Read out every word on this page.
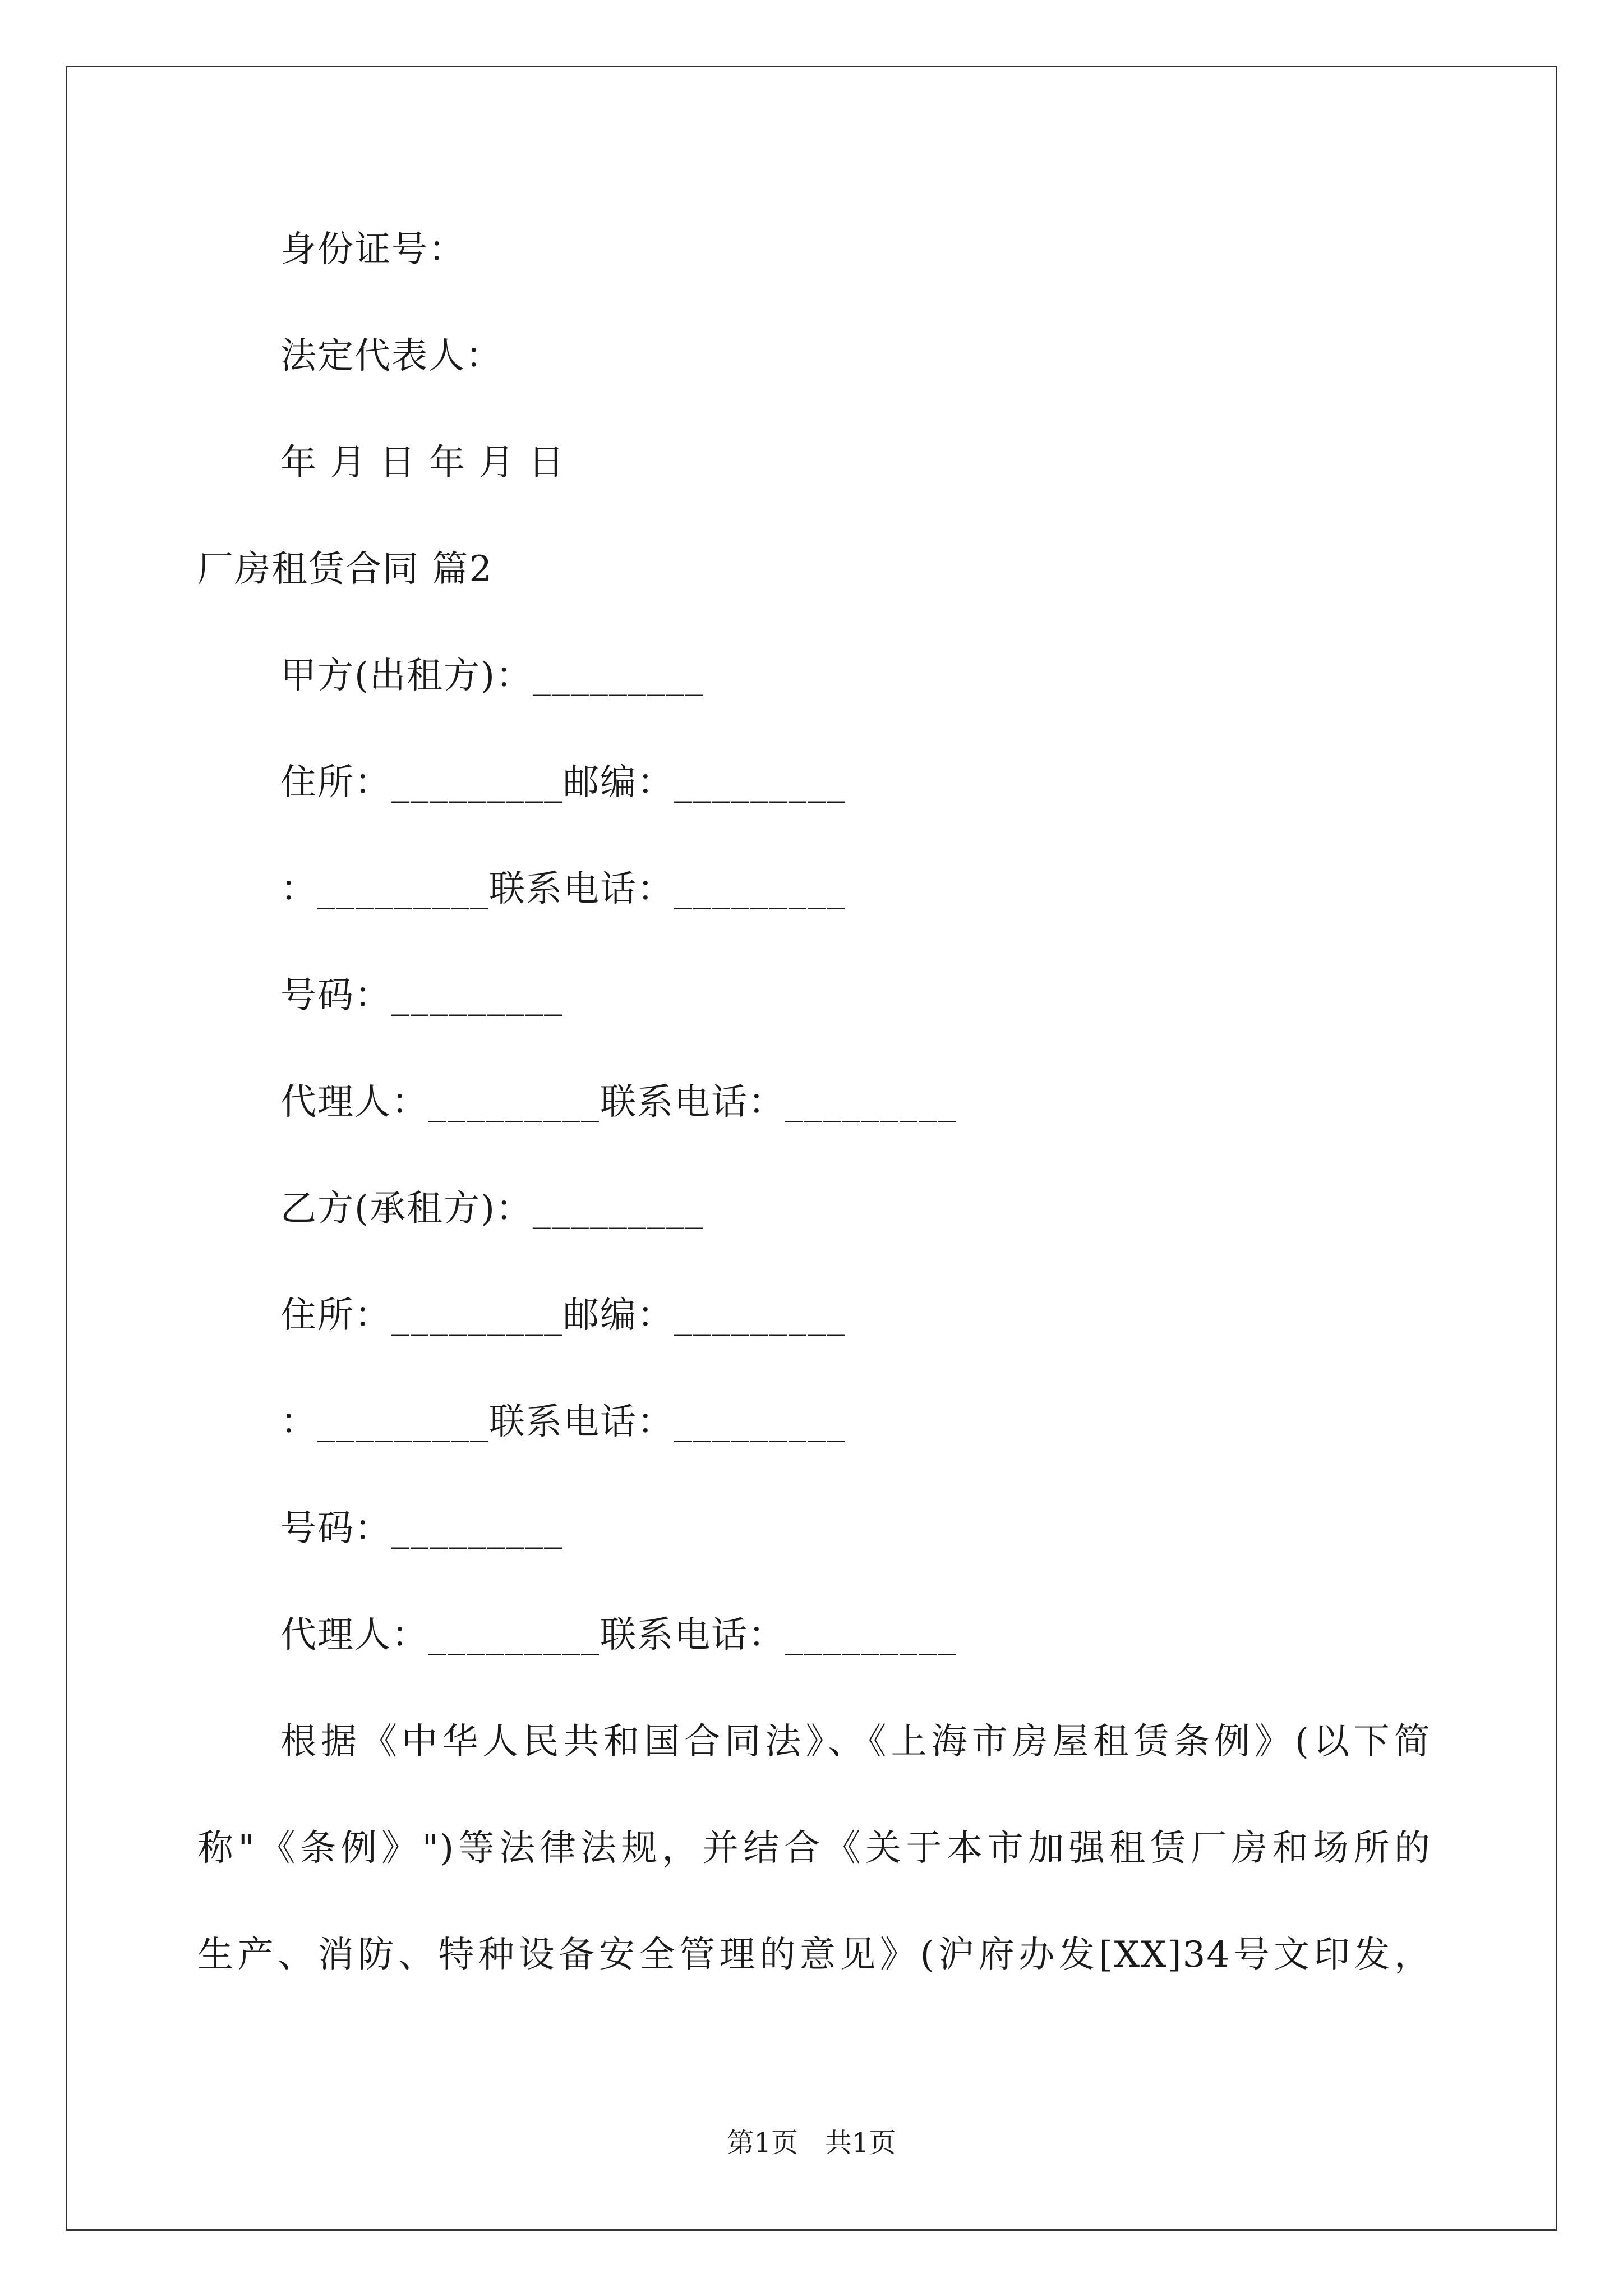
身份证号：
法定代表人：
年 月 日 年 月 日
厂房租赁合同 篇2
甲方(出租方)：_________
住所：_________邮编：_________
：_________联系电话：_________
号码：_________
代理人：_________联系电话：_________
乙方(承租方)：_________
住所：_________邮编：_________
：_________联系电话：_________
号码：_________
代理人：_________联系电话：_________
根据《中华人民共和国合同法》、《上海市房屋租赁条例》(以下简
称"《条例》")等法律法规，并结合《关于本市加强租赁厂房和场所的
生产、消防、特种设备安全管理的意见》(沪府办发[XX]34号文印发，
第1页　共1页
